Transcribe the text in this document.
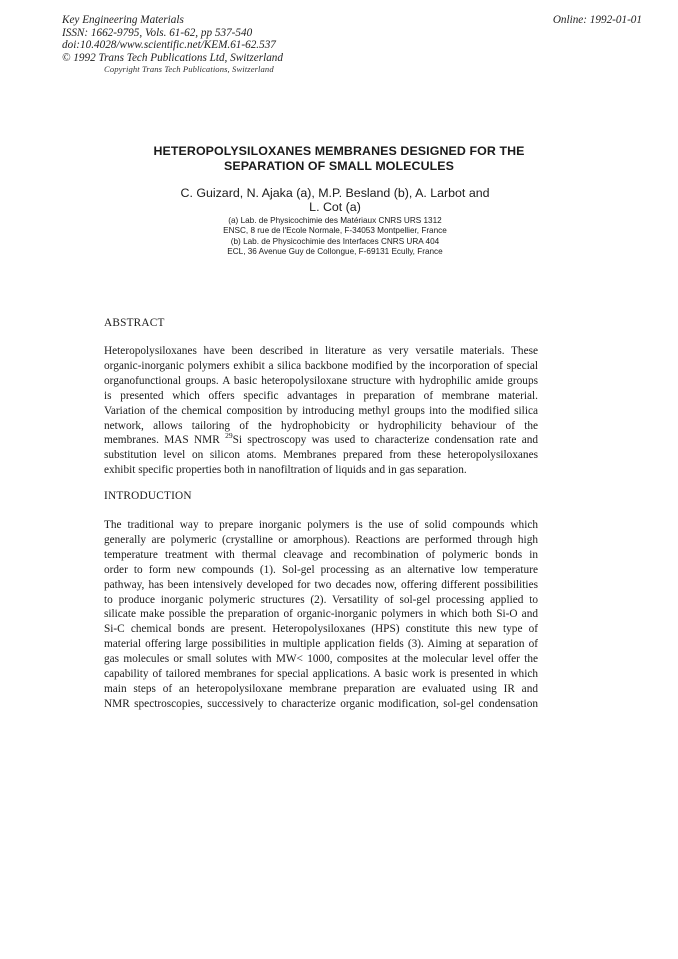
Key Engineering Materials
ISSN: 1662-9795, Vols. 61-62, pp 537-540
doi:10.4028/www.scientific.net/KEM.61-62.537
© 1992 Trans Tech Publications Ltd, Switzerland
Online: 1992-01-01
Copyright Trans Tech Publications, Switzerland
HETEROPOLYSILOXANES MEMBRANES DESIGNED FOR THE
SEPARATION OF SMALL MOLECULES
C. Guizard, N. Ajaka (a), M.P. Besland (b), A. Larbot and
L. Cot (a)
(a) Lab. de Physicochimie des Matériaux CNRS URS 1312
ENSC, 8 rue de l'Ecole Normale, F-34053 Montpellier, France
(b) Lab. de Physicochimie des Interfaces CNRS URA 404
ECL, 36 Avenue Guy de Collongue, F-69131 Ecully, France
ABSTRACT
Heteropolysiloxanes have been described in literature as very versatile materials. These
organic-inorganic polymers exhibit a silica backbone modified by the incorporation of special
organofunctional groups. A basic heteropolysiloxane structure with hydrophilic amide groups
is presented which offers specific advantages in preparation of membrane material.
Variation of the chemical composition by introducing methyl groups into the modified silica
network, allows tailoring of the hydrophobicity or hydrophilicity behaviour of the
membranes. MAS NMR $^{29}$Si spectroscopy was used to characterize condensation rate and
substitution level on silicon atoms. Membranes prepared from these heteropolysiloxanes
exhibit specific properties both in nanofiltration of liquids and in gas separation.
INTRODUCTION
The traditional way to prepare inorganic polymers is the use of solid compounds which
generally are polymeric (crystalline or amorphous). Reactions are performed through high
temperature treatment with thermal cleavage and recombination of polymeric bonds in
order to form new compounds (1). Sol-gel processing as an alternative low temperature
pathway, has been intensively developed for two decades now, offering different possibilities
to produce inorganic polymeric structures (2). Versatility of sol-gel processing applied to
silicate make possible the preparation of organic-inorganic polymers in which both Si-O and
Si-C chemical bonds are present. Heteropolysiloxanes (HPS) constitute this new type of
material offering large possibilities in multiple application fields (3). Aiming at separation of
gas molecules or small solutes with MW< 1000, composites at the molecular level offer the
capability of tailored membranes for special applications. A basic work is presented in which
main steps of an heteropolysiloxane membrane preparation are evaluated using IR and
NMR spectroscopies, successively to characterize organic modification, sol-gel condensation
